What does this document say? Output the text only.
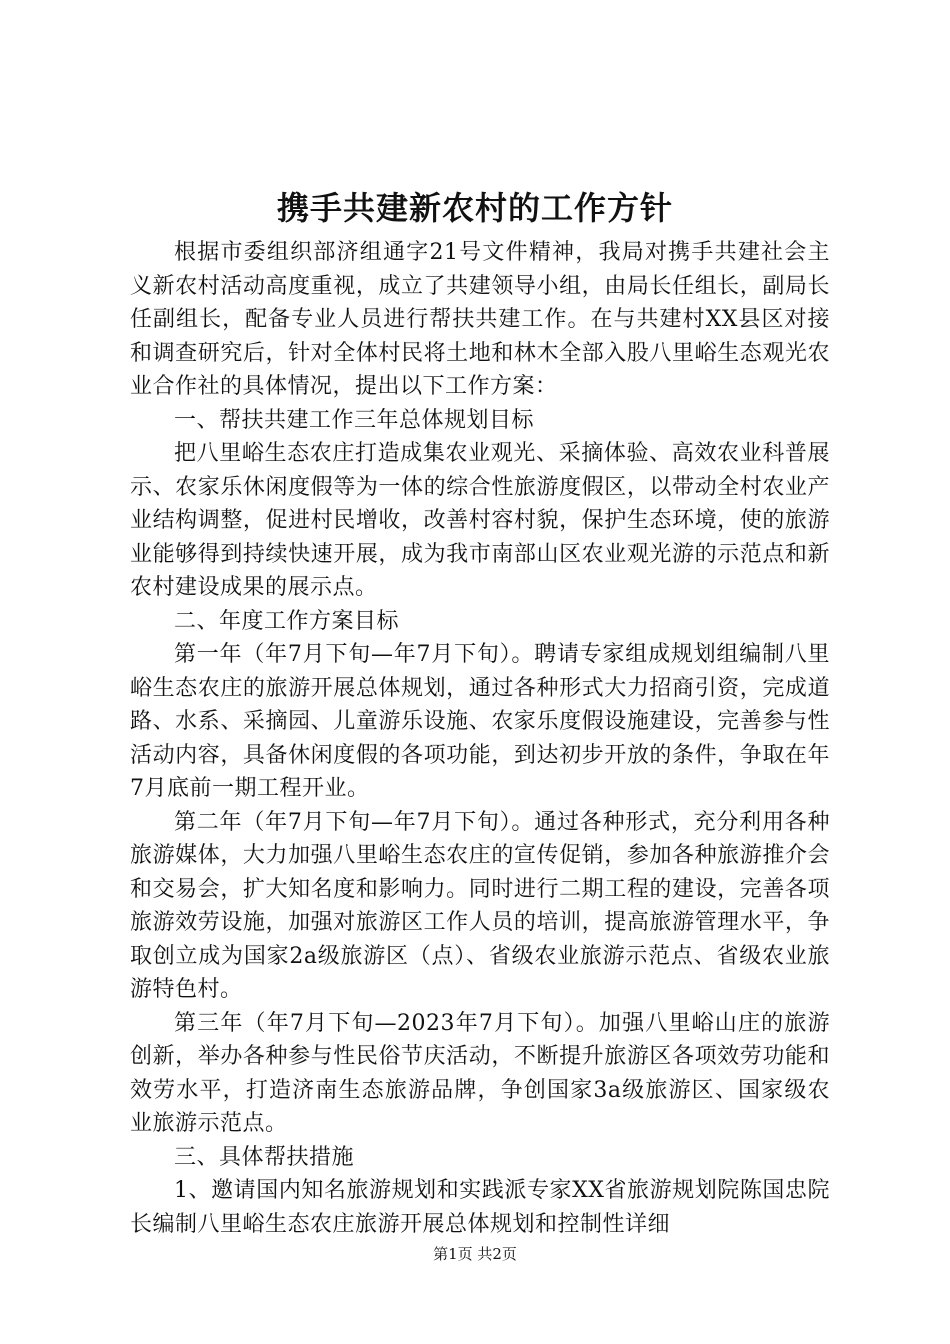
携手共建新农村的工作方针

根据市委组织部济组通字21号文件精神，我局对携手共建社会主义新农村活动高度重视，成立了共建领导小组，由局长任组长，副局长任副组长，配备专业人员进行帮扶共建工作。在与共建村XX县区对接和调查研究后，针对全体村民将土地和林木全部入股八里峪生态观光农业合作社的具体情况，提出以下工作方案：

一、帮扶共建工作三年总体规划目标

把八里峪生态农庄打造成集农业观光、采摘体验、高效农业科普展示、农家乐休闲度假等为一体的综合性旅游度假区，以带动全村农业产业结构调整，促进村民增收，改善村容村貌，保护生态环境，使的旅游业能够得到持续快速开展，成为我市南部山区农业观光游的示范点和新农村建设成果的展示点。

二、年度工作方案目标

第一年（年7月下旬—年7月下旬）。聘请专家组成规划组编制八里峪生态农庄的旅游开展总体规划，通过各种形式大力招商引资，完成道路、水系、采摘园、儿童游乐设施、农家乐度假设施建设，完善参与性活动内容，具备休闲度假的各项功能，到达初步开放的条件，争取在年7月底前一期工程开业。

第二年（年7月下旬—年7月下旬）。通过各种形式，充分利用各种旅游媒体，大力加强八里峪生态农庄的宣传促销，参加各种旅游推介会和交易会，扩大知名度和影响力。同时进行二期工程的建设，完善各项旅游效劳设施，加强对旅游区工作人员的培训，提高旅游管理水平，争取创立成为国家2a级旅游区（点）、省级农业旅游示范点、省级农业旅游特色村。

第三年（年7月下旬—2023年7月下旬）。加强八里峪山庄的旅游创新，举办各种参与性民俗节庆活动，不断提升旅游区各项效劳功能和效劳水平，打造济南生态旅游品牌，争创国家3a级旅游区、国家级农业旅游示范点。

三、具体帮扶措施

1、邀请国内知名旅游规划和实践派专家XX省旅游规划院陈国忠院长编制八里峪生态农庄旅游开展总体规划和控制性详细

第1页 共2页
